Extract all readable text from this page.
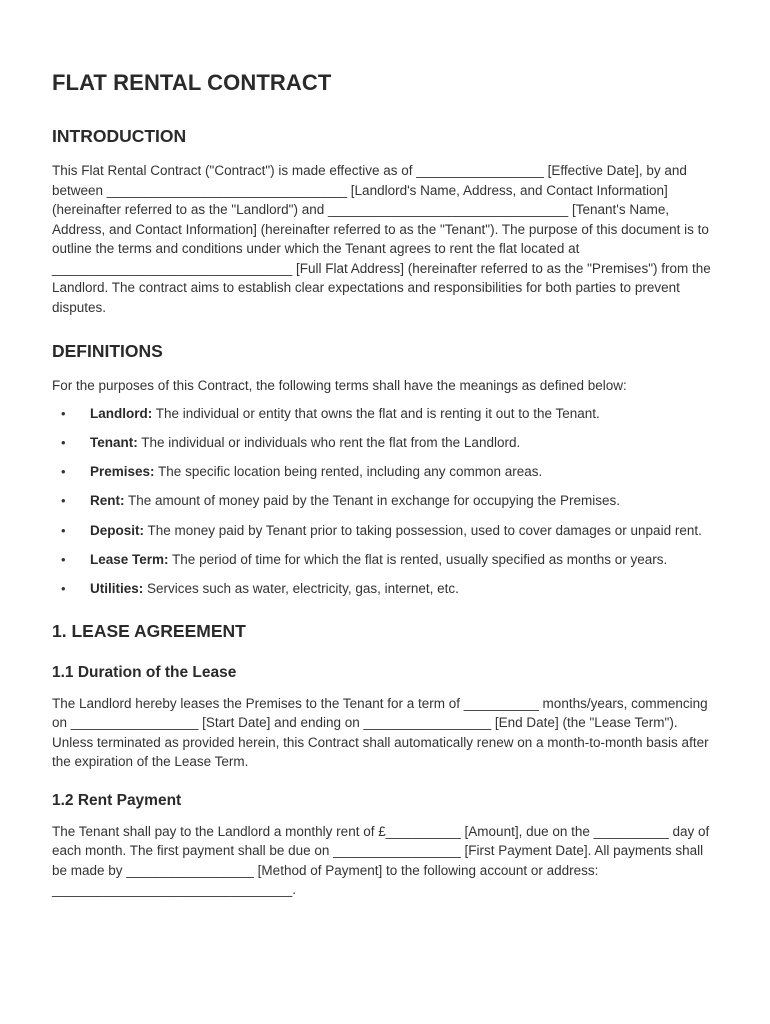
FLAT RENTAL CONTRACT
INTRODUCTION

This Flat Rental Contract ("Contract") is made effective as of _________________ [Effective Date], by and between ________________________________ [Landlord's Name, Address, and Contact Information] (hereinafter referred to as the "Landlord") and ________________________________ [Tenant's Name, Address, and Contact Information] (hereinafter referred to as the "Tenant"). The purpose of this document is to outline the terms and conditions under which the Tenant agrees to rent the flat located at ________________________________ [Full Flat Address] (hereinafter referred to as the "Premises") from the Landlord. The contract aims to establish clear expectations and responsibilities for both parties to prevent disputes.

DEFINITIONS

For the purposes of this Contract, the following terms shall have the meanings as defined below:

• Landlord: The individual or entity that owns the flat and is renting it out to the Tenant.
• Tenant: The individual or individuals who rent the flat from the Landlord.
• Premises: The specific location being rented, including any common areas.
• Rent: The amount of money paid by the Tenant in exchange for occupying the Premises.
• Deposit: The money paid by Tenant prior to taking possession, used to cover damages or unpaid rent.
• Lease Term: The period of time for which the flat is rented, usually specified as months or years.
• Utilities: Services such as water, electricity, gas, internet, etc.
1. LEASE AGREEMENT
1.1 Duration of the Lease

The Landlord hereby leases the Premises to the Tenant for a term of __________ months/years, commencing on _________________ [Start Date] and ending on _________________ [End Date] (the "Lease Term"). Unless terminated as provided herein, this Contract shall automatically renew on a month-to-month basis after the expiration of the Lease Term.

1.2 Rent Payment

The Tenant shall pay to the Landlord a monthly rent of £__________ [Amount], due on the __________ day of each month. The first payment shall be due on _________________ [First Payment Date]. All payments shall be made by _________________ [Method of Payment] to the following account or address: ________________________________.
